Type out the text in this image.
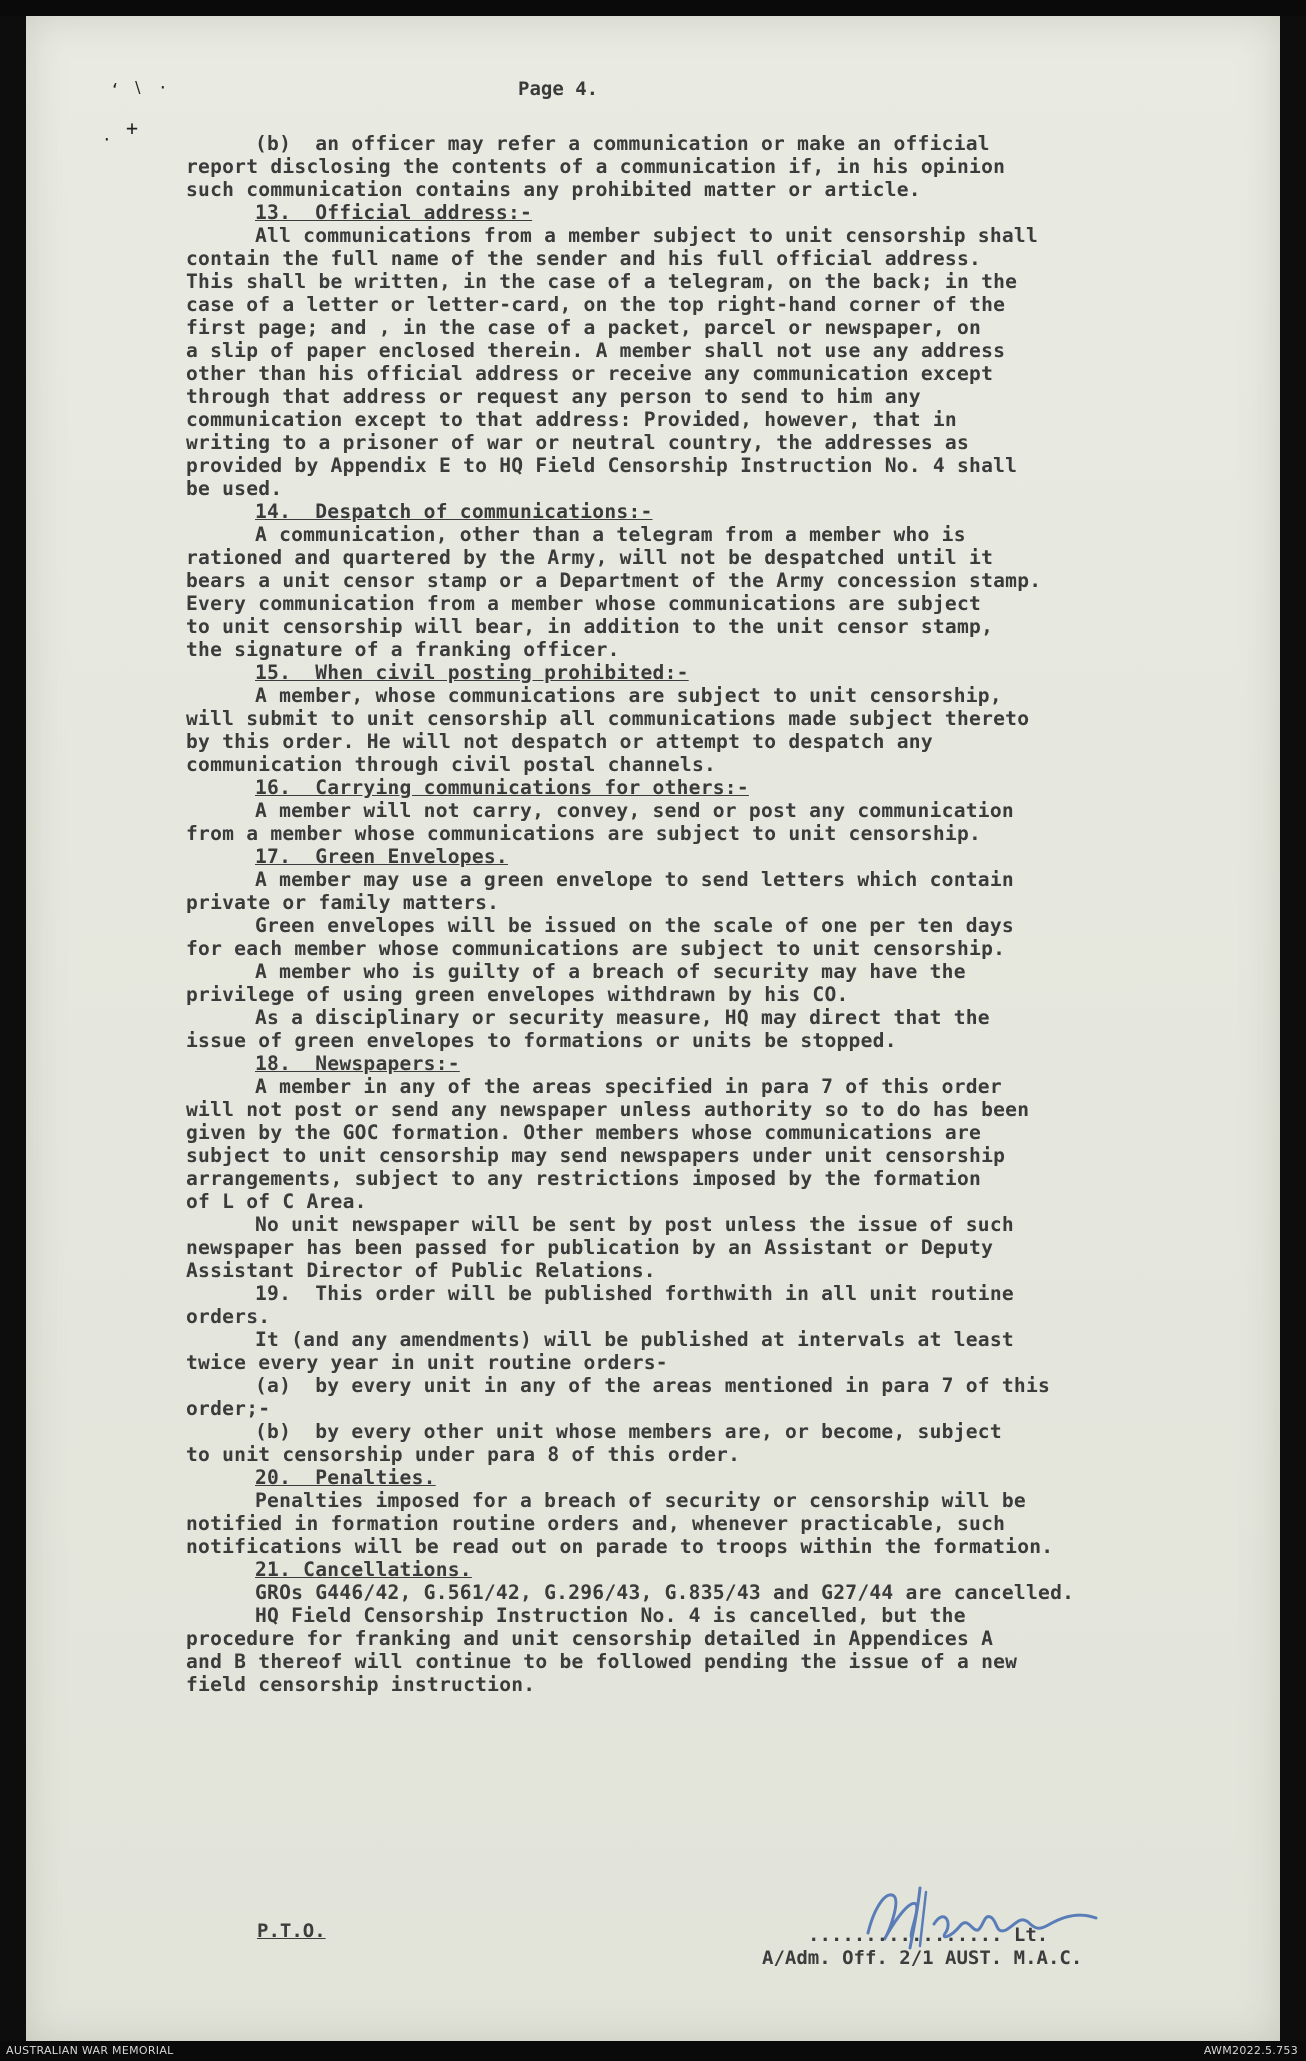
‘ ∖ ·
· +
Page 4.
(b)  an officer may refer a communication or make an official
report disclosing the contents of a communication if, in his opinion
such communication contains any prohibited matter or article.
13.  Official address:-
All communications from a member subject to unit censorship shall
contain the full name of the sender and his full official address.
This shall be written, in the case of a telegram, on the back; in the
case of a letter or letter-card, on the top right-hand corner of the
first page; and , in the case of a packet, parcel or newspaper, on
a slip of paper enclosed therein. A member shall not use any address
other than his official address or receive any communication except
through that address or request any person to send to him any
communication except to that address: Provided, however, that in
writing to a prisoner of war or neutral country, the addresses as
provided by Appendix E to HQ Field Censorship Instruction No. 4 shall
be used.
14.  Despatch of communications:-
A communication, other than a telegram from a member who is
rationed and quartered by the Army, will not be despatched until it
bears a unit censor stamp or a Department of the Army concession stamp.
Every communication from a member whose communications are subject
to unit censorship will bear, in addition to the unit censor stamp,
the signature of a franking officer.
15.  When civil posting prohibited:-
A member, whose communications are subject to unit censorship,
will submit to unit censorship all communications made subject thereto
by this order. He will not despatch or attempt to despatch any
communication through civil postal channels.
16.  Carrying communications for others:-
A member will not carry, convey, send or post any communication
from a member whose communications are subject to unit censorship.
17.  Green Envelopes.
A member may use a green envelope to send letters which contain
private or family matters.
Green envelopes will be issued on the scale of one per ten days
for each member whose communications are subject to unit censorship.
A member who is guilty of a breach of security may have the
privilege of using green envelopes withdrawn by his CO.
As a disciplinary or security measure, HQ may direct that the
issue of green envelopes to formations or units be stopped.
18.  Newspapers:-
A member in any of the areas specified in para 7 of this order
will not post or send any newspaper unless authority so to do has been
given by the GOC formation. Other members whose communications are
subject to unit censorship may send newspapers under unit censorship
arrangements, subject to any restrictions imposed by the formation
of L of C Area.
No unit newspaper will be sent by post unless the issue of such
newspaper has been passed for publication by an Assistant or Deputy
Assistant Director of Public Relations.
19.  This order will be published forthwith in all unit routine
orders.
It (and any amendments) will be published at intervals at least
twice every year in unit routine orders-
(a)  by every unit in any of the areas mentioned in para 7 of this
order;-
(b)  by every other unit whose members are, or become, subject
to unit censorship under para 8 of this order.
20.  Penalties.
Penalties imposed for a breach of security or censorship will be
notified in formation routine orders and, whenever practicable, such
notifications will be read out on parade to troops within the formation.
21. Cancellations.
GROs G446/42, G.561/42, G.296/43, G.835/43 and G27/44 are cancelled.
HQ Field Censorship Instruction No. 4 is cancelled, but the
procedure for franking and unit censorship detailed in Appendices A
and B thereof will continue to be followed pending the issue of a new
field censorship instruction.
P.T.O.	................. Lt.
A/Adm. Off. 2/1 AUST. M.A.C.
AUSTRALIAN WAR MEMORIAL	AWM2022.5.753
